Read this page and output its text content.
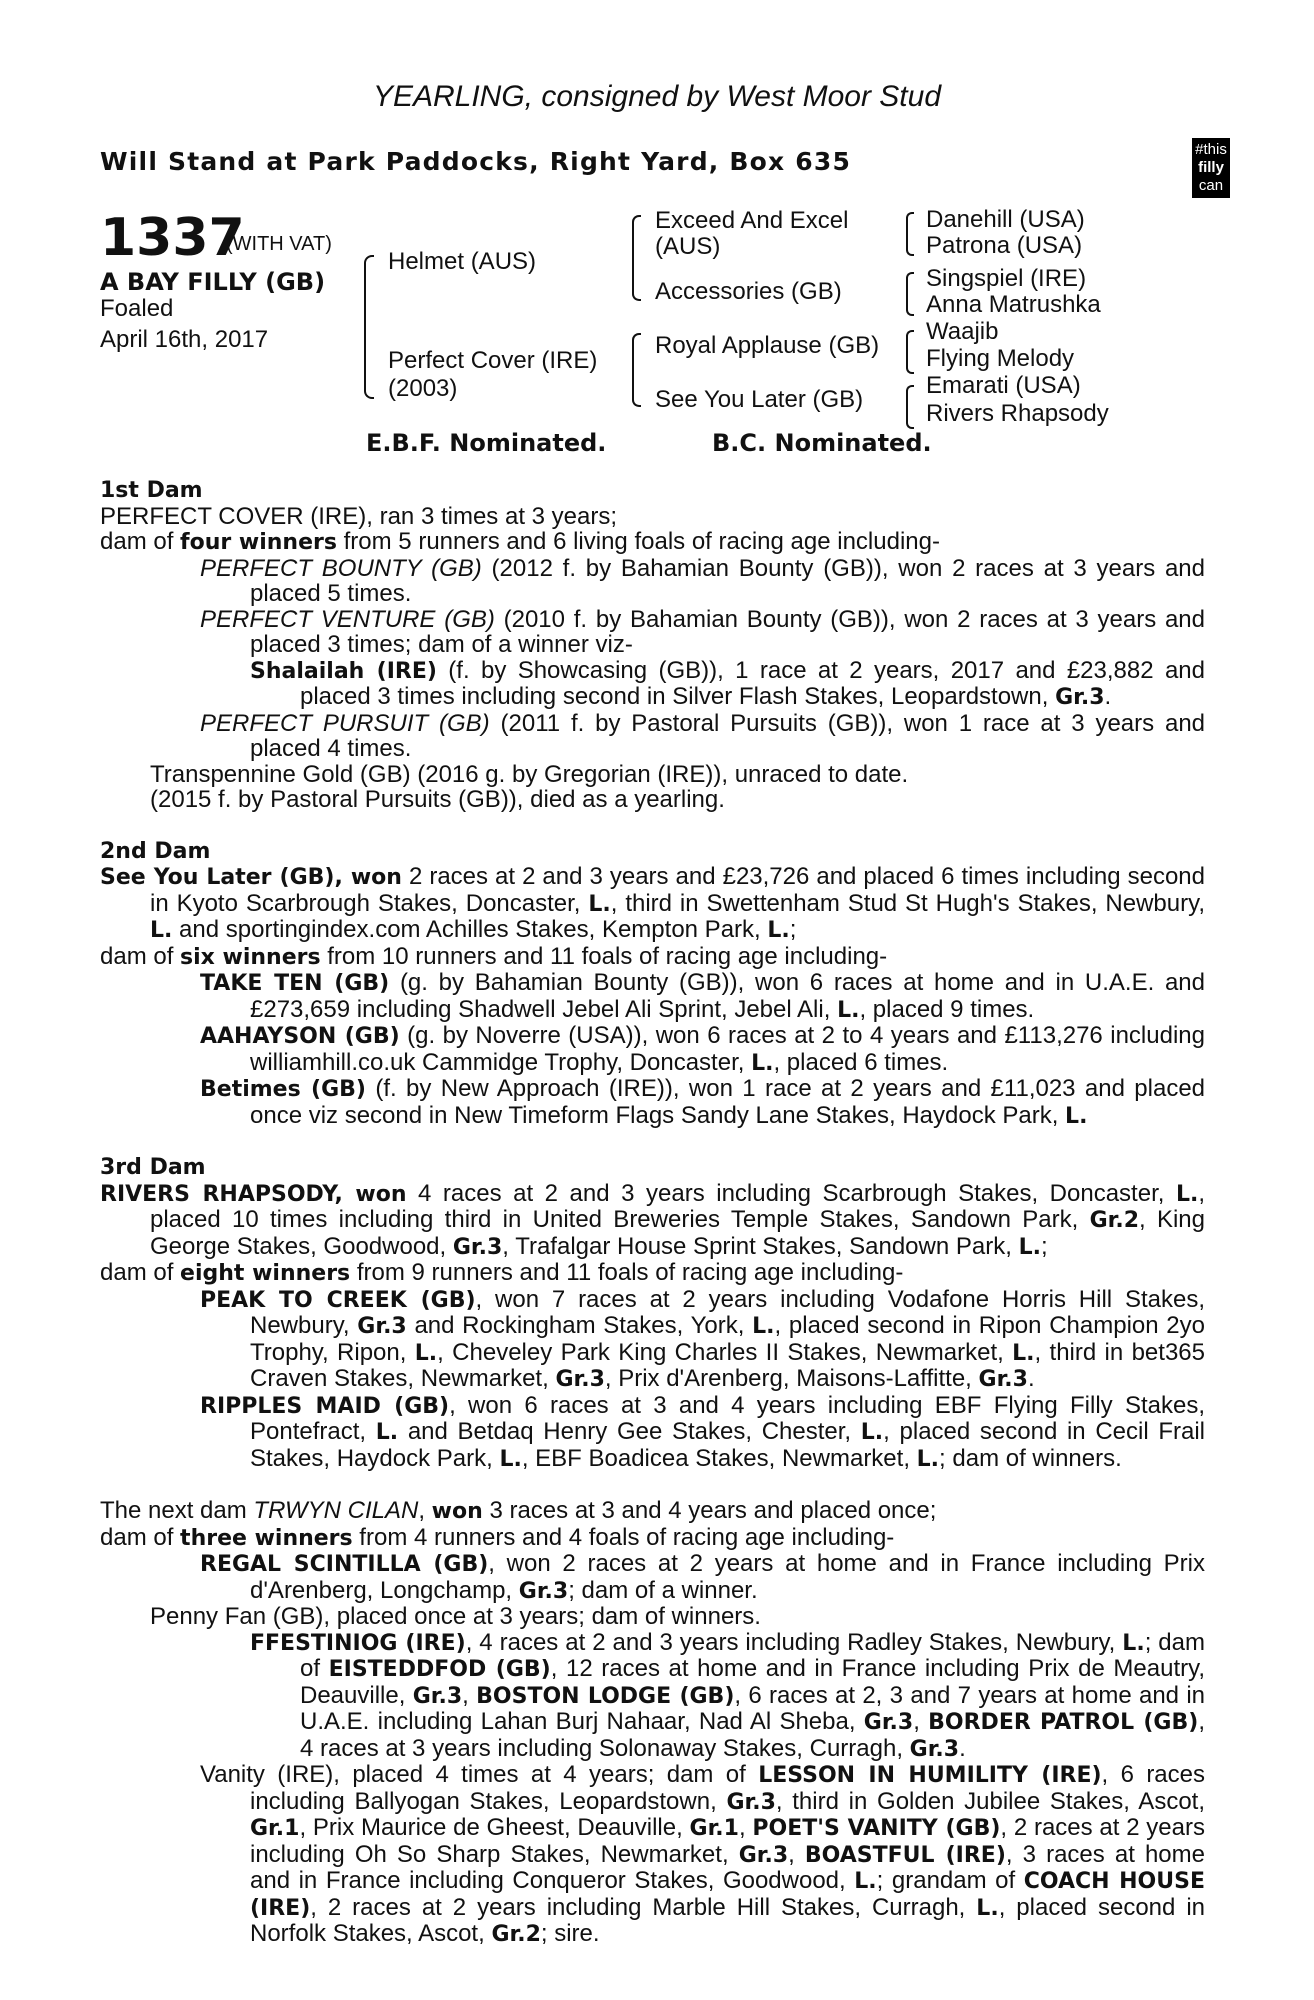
YEARLING, consigned by West Moor Stud
Will Stand at Park Paddocks, Right Yard, Box 635	#this
filly
can
1337
(WITH VAT)
A BAY FILLY (GB)
Foaled
April 16th, 2017
Helmet (AUS)
Perfect Cover (IRE)
(2003)
Exceed And Excel
(AUS)
Accessories (GB)
Royal Applause (GB)
See You Later (GB)
Danehill (USA)
Patrona (USA)
Singspiel (IRE)
Anna Matrushka
Waajib
Flying Melody
Emarati (USA)
Rivers Rhapsody
E.B.F. Nominated.	B.C. Nominated.

1st Dam

PERFECT COVER (IRE), ran 3 times at 3 years;

dam of four winners from 5 runners and 6 living foals of racing age including-

PERFECT BOUNTY (GB) (2012 f. by Bahamian Bounty (GB)), won 2 races at 3 years and placed 5 times.

PERFECT VENTURE (GB) (2010 f. by Bahamian Bounty (GB)), won 2 races at 3 years and placed 3 times; dam of a winner viz-

Shalailah (IRE) (f. by Showcasing (GB)), 1 race at 2 years, 2017 and £23,882 and placed 3 times including second in Silver Flash Stakes, Leopardstown, Gr.3.

PERFECT PURSUIT (GB) (2011 f. by Pastoral Pursuits (GB)), won 1 race at 3 years and placed 4 times.

Transpennine Gold (GB) (2016 g. by Gregorian (IRE)), unraced to date.

(2015 f. by Pastoral Pursuits (GB)), died as a yearling.

2nd Dam

See You Later (GB), won 2 races at 2 and 3 years and £23,726 and placed 6 times including second in Kyoto Scarbrough Stakes, Doncaster, L., third in Swettenham Stud St Hugh's Stakes, Newbury, L. and sportingindex.com Achilles Stakes, Kempton Park, L.;

dam of six winners from 10 runners and 11 foals of racing age including-

TAKE TEN (GB) (g. by Bahamian Bounty (GB)), won 6 races at home and in U.A.E. and £273,659 including Shadwell Jebel Ali Sprint, Jebel Ali, L., placed 9 times.

AAHAYSON (GB) (g. by Noverre (USA)), won 6 races at 2 to 4 years and £113,276 including williamhill.co.uk Cammidge Trophy, Doncaster, L., placed 6 times.

Betimes (GB) (f. by New Approach (IRE)), won 1 race at 2 years and £11,023 and placed once viz second in New Timeform Flags Sandy Lane Stakes, Haydock Park, L.

3rd Dam

RIVERS RHAPSODY, won 4 races at 2 and 3 years including Scarbrough Stakes, Doncaster, L., placed 10 times including third in United Breweries Temple Stakes, Sandown Park, Gr.2, King George Stakes, Goodwood, Gr.3, Trafalgar House Sprint Stakes, Sandown Park, L.;

dam of eight winners from 9 runners and 11 foals of racing age including-

PEAK TO CREEK (GB), won 7 races at 2 years including Vodafone Horris Hill Stakes, Newbury, Gr.3 and Rockingham Stakes, York, L., placed second in Ripon Champion 2yo Trophy, Ripon, L., Cheveley Park King Charles II Stakes, Newmarket, L., third in bet365 Craven Stakes, Newmarket, Gr.3, Prix d'Arenberg, Maisons-Laffitte, Gr.3.

RIPPLES MAID (GB), won 6 races at 3 and 4 years including EBF Flying Filly Stakes, Pontefract, L. and Betdaq Henry Gee Stakes, Chester, L., placed second in Cecil Frail Stakes, Haydock Park, L., EBF Boadicea Stakes, Newmarket, L.; dam of winners.

The next dam TRWYN CILAN, won 3 races at 3 and 4 years and placed once;

dam of three winners from 4 runners and 4 foals of racing age including-

REGAL SCINTILLA (GB), won 2 races at 2 years at home and in France including Prix d'Arenberg, Longchamp, Gr.3; dam of a winner.

Penny Fan (GB), placed once at 3 years; dam of winners.

FFESTINIOG (IRE), 4 races at 2 and 3 years including Radley Stakes, Newbury, L.; dam of EISTEDDFOD (GB), 12 races at home and in France including Prix de Meautry, Deauville, Gr.3, BOSTON LODGE (GB), 6 races at 2, 3 and 7 years at home and in U.A.E. including Lahan Burj Nahaar, Nad Al Sheba, Gr.3, BORDER PATROL (GB), 4 races at 3 years including Solonaway Stakes, Curragh, Gr.3.

Vanity (IRE), placed 4 times at 4 years; dam of LESSON IN HUMILITY (IRE), 6 races including Ballyogan Stakes, Leopardstown, Gr.3, third in Golden Jubilee Stakes, Ascot, Gr.1, Prix Maurice de Gheest, Deauville, Gr.1, POET'S VANITY (GB), 2 races at 2 years including Oh So Sharp Stakes, Newmarket, Gr.3, BOASTFUL (IRE), 3 races at home and in France including Conqueror Stakes, Goodwood, L.; grandam of COACH HOUSE (IRE), 2 races at 2 years including Marble Hill Stakes, Curragh, L., placed second in Norfolk Stakes, Ascot, Gr.2; sire.
